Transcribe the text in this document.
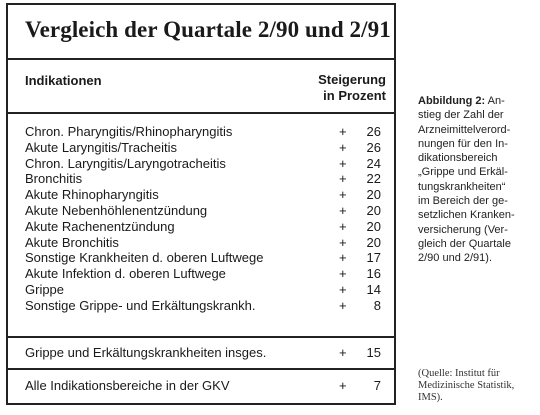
Vergleich der Quartale 2/90 und 2/91
Indikationen	Steigerung
in Prozent
Chron. Pharyngitis/Rhinopharyngitis	+	26
Akute Laryngitis/Tracheitis	+	26
Chron. Laryngitis/Laryngotracheitis	+	24
Bronchitis	+	22
Akute Rhinopharyngitis	+	20
Akute Nebenhöhlenentzündung	+	20
Akute Rachenentzündung	+	20
Akute Bronchitis	+	20
Sonstige Krankheiten d. oberen Luftwege	+	17
Akute Infektion d. oberen Luftwege	+	16
Grippe	+	14
Sonstige Grippe- und Erkältungskrankh.	+	8
Grippe und Erkältungskrankheiten insges.	+	15
Alle Indikationsbereiche in der GKV	+	7
Abbildung 2: An-
stieg der Zahl der
Arzneimittelverord-
nungen für den In-
dikationsbereich
„Grippe und Erkäl-
tungskrankheiten“
im Bereich der ge-
setzlichen Kranken-
versicherung (Ver-
gleich der Quartale
2/90 und 2/91).
(Quelle: Institut für
Medizinische Statistik,
IMS).
